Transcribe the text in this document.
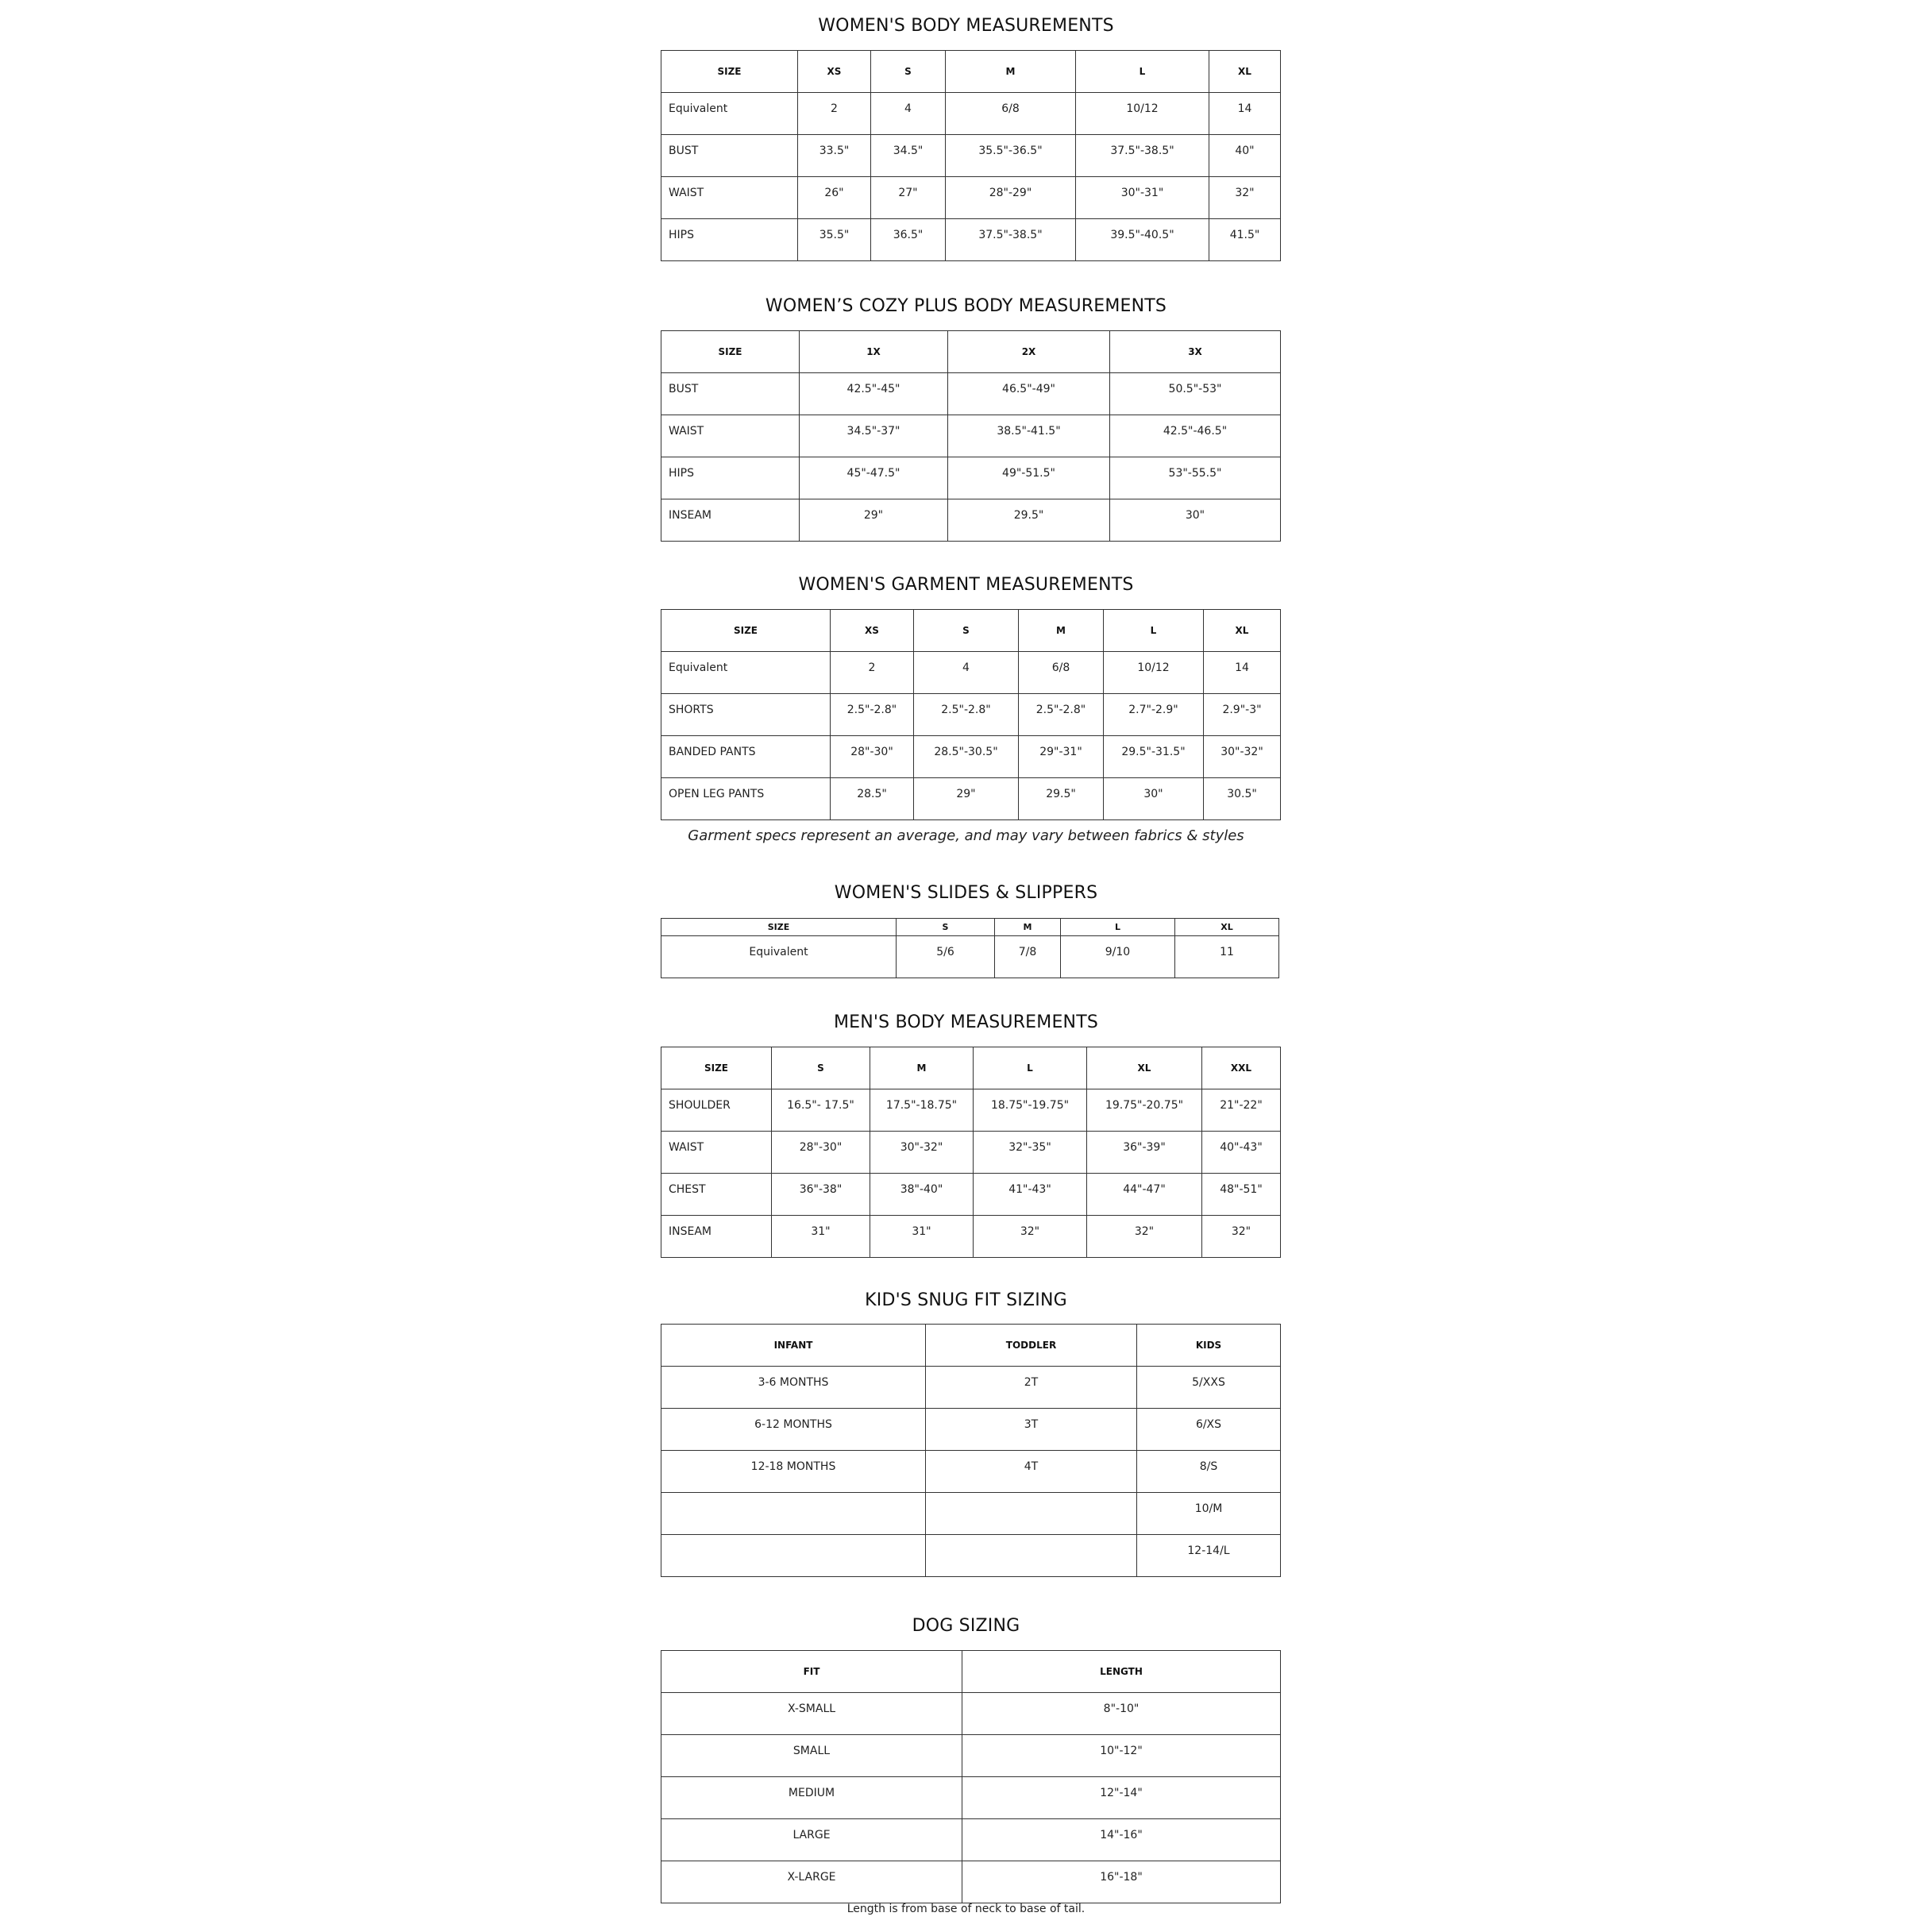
WOMEN'S BODY MEASUREMENTS
SIZE	XS	S	M	L	XL
Equivalent	2	4	6/8	10/12	14
BUST	33.5"	34.5"	35.5"-36.5"	37.5"-38.5"	40"
WAIST	26"	27"	28"-29"	30"-31"	32"
HIPS	35.5"	36.5"	37.5"-38.5"	39.5"-40.5"	41.5"
WOMEN’S COZY PLUS BODY MEASUREMENTS
SIZE	1X	2X	3X
BUST	42.5"-45"	46.5"-49"	50.5"-53"
WAIST	34.5"-37"	38.5"-41.5"	42.5"-46.5"
HIPS	45"-47.5"	49"-51.5"	53"-55.5"
INSEAM	29"	29.5"	30"
WOMEN'S GARMENT MEASUREMENTS
SIZE	XS	S	M	L	XL
Equivalent	2	4	6/8	10/12	14
SHORTS	2.5"-2.8"	2.5"-2.8"	2.5"-2.8"	2.7"-2.9"	2.9"-3"
BANDED PANTS	28"-30"	28.5"-30.5"	29"-31"	29.5"-31.5"	30"-32"
OPEN LEG PANTS	28.5"	29"	29.5"	30"	30.5"
Garment specs represent an average, and may vary between fabrics & styles
WOMEN'S SLIDES & SLIPPERS
SIZE	S	M	L	XL
Equivalent	5/6	7/8	9/10	11
MEN'S BODY MEASUREMENTS
SIZE	S	M	L	XL	XXL
SHOULDER	16.5"- 17.5"	17.5"-18.75"	18.75"-19.75"	19.75"-20.75"	21"-22"
WAIST	28"-30"	30"-32"	32"-35"	36"-39"	40"-43"
CHEST	36"-38"	38"-40"	41"-43"	44"-47"	48"-51"
INSEAM	31"	31"	32"	32"	32"
KID'S SNUG FIT SIZING
INFANT	TODDLER	KIDS
3-6 MONTHS	2T	5/XXS
6-12 MONTHS	3T	6/XS
12-18 MONTHS	4T	8/S
		10/M
		12-14/L
DOG SIZING
FIT	LENGTH
X-SMALL	8"-10"
SMALL	10"-12"
MEDIUM	12"-14"
LARGE	14"-16"
X-LARGE	16"-18"
Length is from base of neck to base of tail.
